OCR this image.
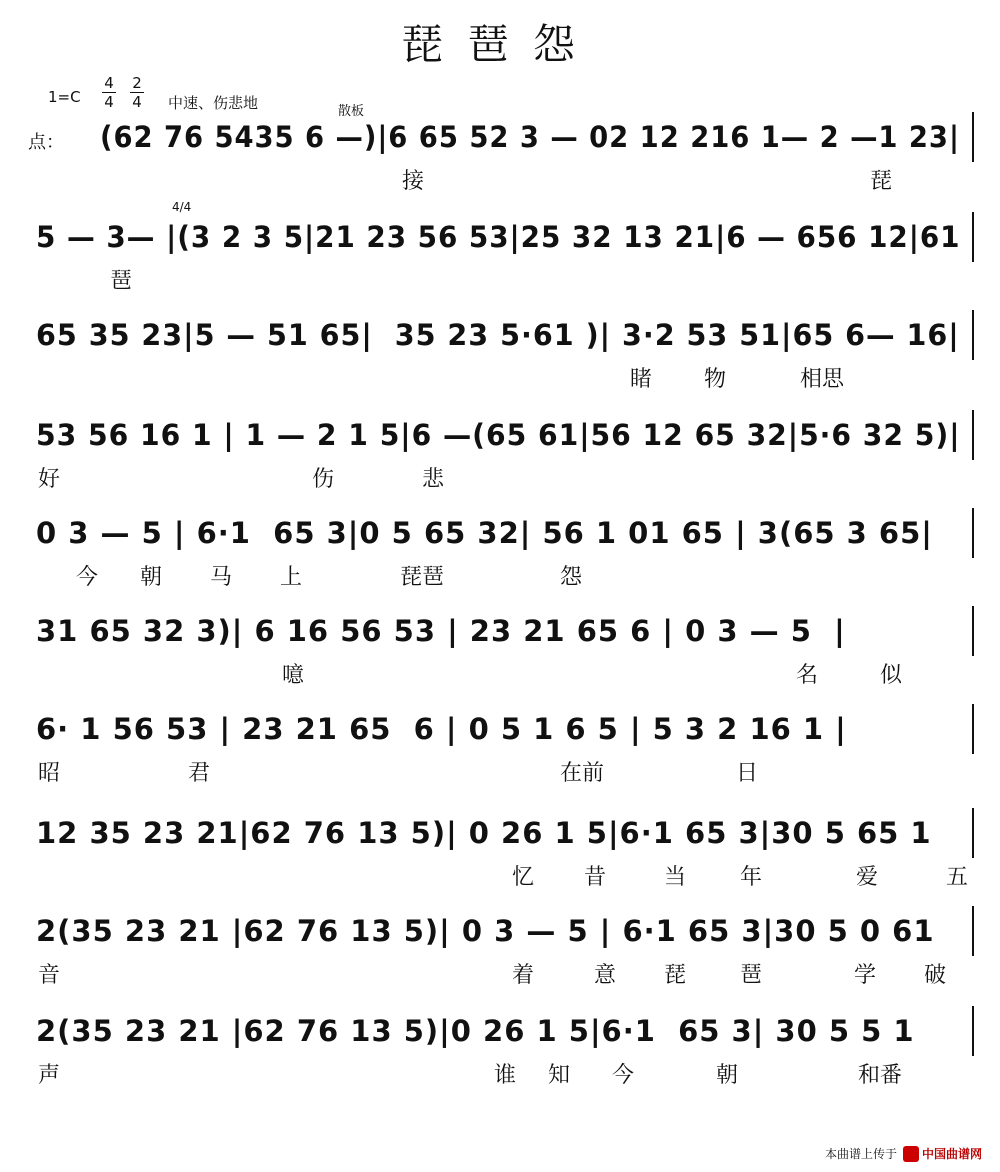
琵琶怨
1=C
4
4
2
4 中速、伤悲地	散板
点：
4/4
(62 76 5435 6 —)|6 65 52 3 — 02 12 216 1— 2 —1 23|
接	琵
5 — 3— |(3 2 3 5|21 23 56 53|25 32 13 21|6 — 656 12|61
琶
65 35 23|5 — 51 65|  35 23 5·61 )| 3·2 53 51|65 6— 16|
睹 物	相思
53 56 16 1 | 1 — 2 1 5|6 —(65 61|56 12 65 32|5·6 32 5)|
好	伤	悲
0 3 — 5 | 6·1  65 3|0 5 65 32| 56 1 01 65 | 3(65 3 65|
今 朝 马 上	琵琶	怨
31 65 32 3)| 6 16 56 53 | 23 21 65 6 | 0 3 — 5  |
噫	名	似
6· 1 56 53 | 23 21 65  6 | 0 5 1 6 5 | 5 3 2 16 1 |
昭	君	在前	日
12 35 23 21|62 76 13 5)| 0 26 1 5|6·1 65 3|30 5 65 1
忆 昔	当 年	爱	五
2(35 23 21 |62 76 13 5)| 0 3 — 5 | 6·1 65 3|30 5 0 61
音	着	意 琵 琶	学 破
2(35 23 21 |62 76 13 5)|0 26 1 5|6·1  65 3| 30 5 5 1
声	谁 知 今	朝	和番
本曲谱上传于 中国曲谱网
